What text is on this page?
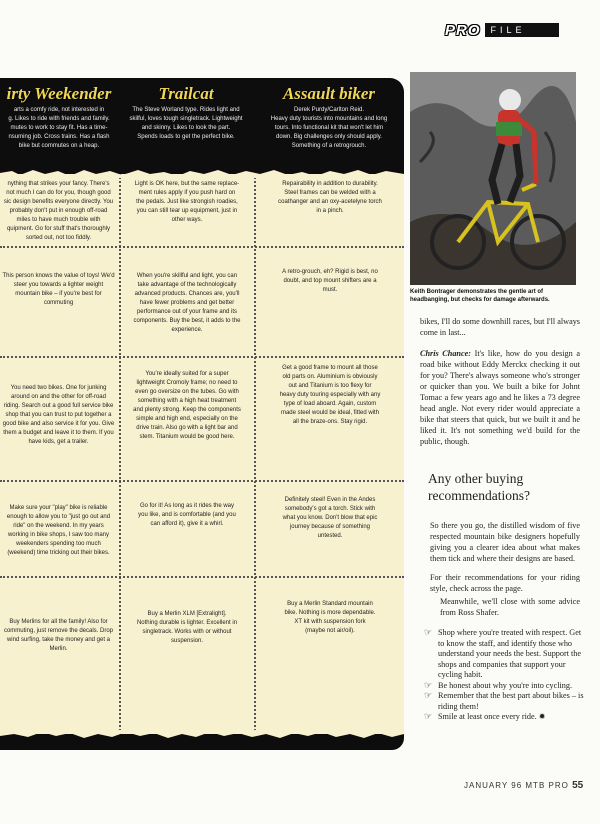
PRO	FILE
irty Weekender
arts a comfy ride, not interested in
g. Likes to ride with friends and family.
mutes to work to stay fit. Has a time-
nsuming job. Cross trains. Has a flash
bike but commutes on a heap.
Trailcat
The Steve Worland type. Rides light and
skilful, loves tough singletrack. Lightweight
and skinny. Likes to look the part.
Spends loads to get the perfect bike.
Assault biker
Derek Purdy/Carlton Reid.
Heavy duty tourists into mountains and long
tours. Into functional kit that won't let him
down. Big challenges only should apply.
Something of a retrogrouch.
nything that strikes your fancy. There's
not much I can do for you, though good
sic design benefits everyone directly. You
probably don't put in enough off-road
miles to have much trouble with
quipment. Go for stuff that's thoroughly
sorted out, not too fiddly.
Light is OK here, but the same replace-
ment rules apply if you push hard on
the pedals. Just like strongish roadies,
you can still tear up equipment, just in
other ways.
Repairability in addition to durability.
Steel frames can be welded with a
coathanger and an oxy-acetelyne torch
in a pinch.
This person knows the value of toys! We'd
steer you towards a lighter weight
mountain bike – if you're best for commuting
When you're skillful and light, you can
take advantage of the technologically
advanced products. Chances are, you'll
have fewer problems and get better
performance out of your frame and its
components. Buy the best, it adds to the
experience.
A retro-grouch, eh? Rigid is best, no
doubt, and top mount shifters are a
must.
You need two bikes. One for junking
around on and the other for off-road
riding. Search out a good full service bike
shop that you can trust to put together a
good bike and also service it for you. Give
them a budget and leave it to them. If you
have kids, get a trailer.
You're ideally suited for a super
lightweight Cromoly frame; no need to
even go oversize on the tubes. Go with
something with a high heat treatment
and plenty strong. Keep the components
simple and high end, especially on the
drive train. Also go with a light bar and
stem. Titanium would be good here.
Get a good frame to mount all those
old parts on. Aluminium is obviously
out and Titanium is too flexy for
heavy duty touring especially with any
type of load aboard. Again, custom
made steel would be ideal, fitted with
all the braze-ons. Stay rigid.
Make sure your "play" bike is reliable
enough to allow you to "just go out and
ride" on the weekend. In my years
working in bike shops, I saw too many
weekenders spending too much
(weekend) time tricking out their bikes.
Go for it! As long as it rides the way
you like, and is comfortable (and you
can afford it), give it a whirl.
Definitely steel! Even in the Andes
somebody's got a torch. Stick with
what you know. Don't blow that epic
journey because of something
untested.
Buy Merlins for all the family! Also for
commuting, just remove the decals. Drop
wind surfing, take the money and get a
Merlin.
Buy a Merlin XLM [Extralight].
Nothing durable is lighter. Excellent in
singletrack. Works with or without
suspension.
Buy a Merlin Standard mountain
bike. Nothing is more dependable.
XT kit with suspension fork
(maybe not air/oil).
Keith Bontrager demonstrates the gentle art of headbanging, but checks for damage afterwards.
bikes, I'll do some downhill races, but I'll always come in last...
Chris Chance: It's like, how do you design a road bike without Eddy Merckx checking it out for you? There's always someone who's stronger or quicker than you. We built a bike for Johnt Tomac a few years ago and he likes a 73 degree head angle. Not every rider would appreciate a bike that steers that quick, but we built it and he liked it. It's not something we'd build for the public, though.
Any other buying recommendations?
So there you go, the distilled wisdom of five respected mountain bike designers hopefully giving you a clearer idea about what makes them tick and where their designs are based.
For their recommendations for your riding style, check across the page.
Meanwhile, we'll close with some advice from Ross Shafer.
☞ Shop where you're treated with respect. Get to know the staff, and identify those who understand your needs the best. Support the shops and companies that support your cycling habit.
☞ Be honest about why you're into cycling.
☞ Remember that the best part about bikes – is riding them!
☞ Smile at least once every ride. ✹
JANUARY 96 MTB PRO 55
